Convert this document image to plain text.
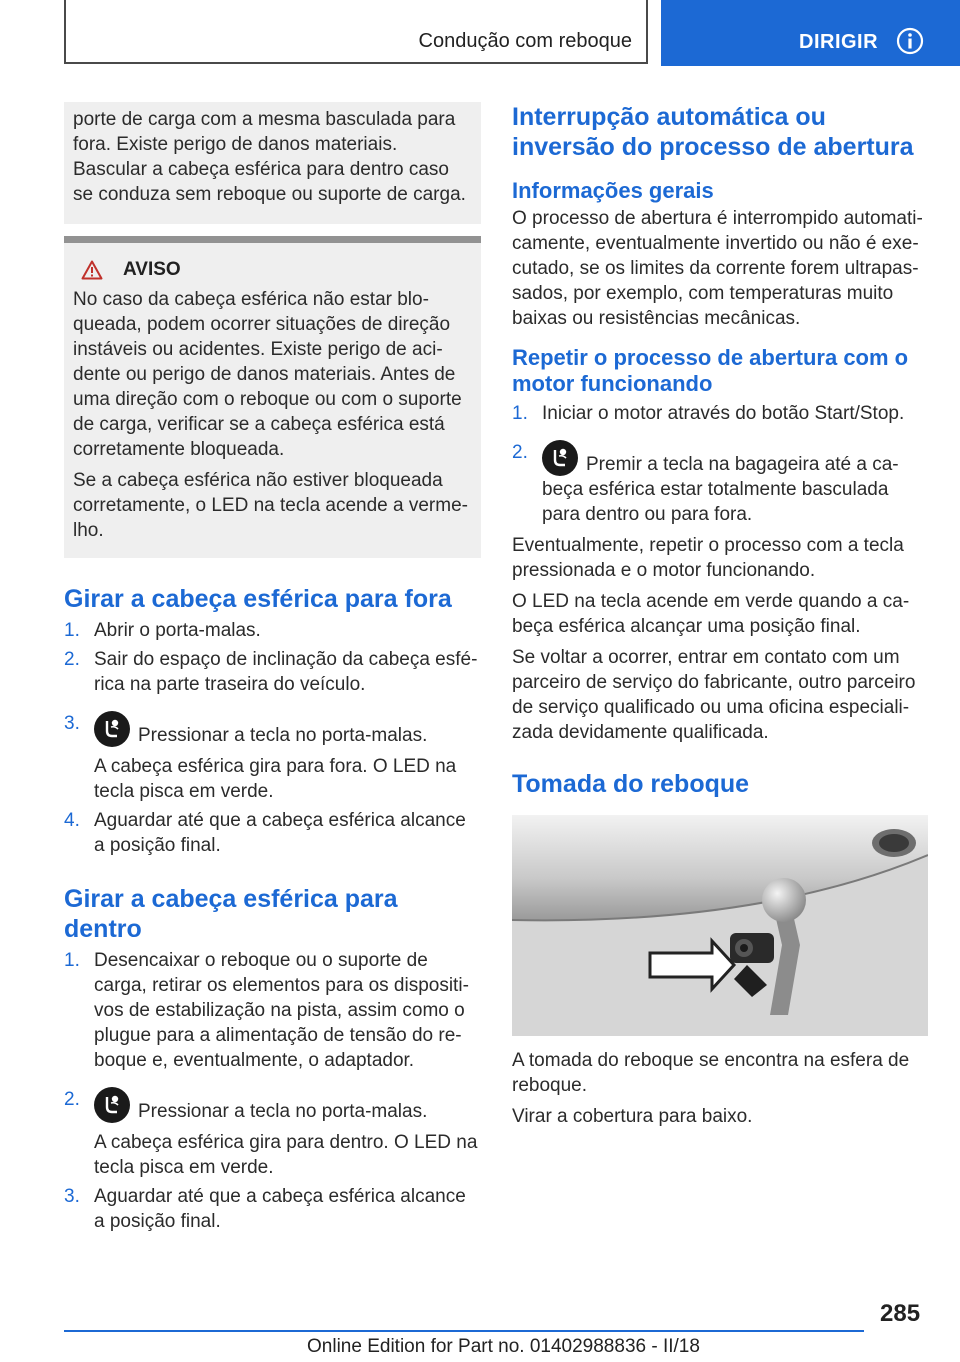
Condução com reboque	DIRIGIR

porte de carga com a mesma basculada para fora. Existe perigo de danos materiais. Bascular a cabeça esférica para dentro caso se conduza sem reboque ou suporte de carga.

AVISO

No caso da cabeça esférica não estar bloqueada, podem ocorrer situações de direção instáveis ou acidentes. Existe perigo de acidente ou perigo de danos materiais. Antes de uma direção com o reboque ou com o suporte de carga, verificar se a cabeça esférica está corretamente bloqueada.

Se a cabeça esférica não estiver bloqueada corretamente, o LED na tecla acende a vermelho.

Girar a cabeça esférica para fora
1. Abrir o porta-malas.
2. Sair do espaço de inclinação da cabeça esférica na parte traseira do veículo.
3.
Pressionar a tecla no porta-malas.
A cabeça esférica gira para fora. O LED na tecla pisca em verde.
4. Aguardar até que a cabeça esférica alcance a posição final.
Girar a cabeça esférica para dentro
1. Desencaixar o reboque ou o suporte de carga, retirar os elementos para os dispositivos de estabilização na pista, assim como o plugue para a alimentação de tensão do reboque e, eventualmente, o adaptador.
2.
Pressionar a tecla no porta-malas.
A cabeça esférica gira para dentro. O LED na tecla pisca em verde.
3. Aguardar até que a cabeça esférica alcance a posição final.
Interrupção automática ou inversão do processo de abertura
Informações gerais

O processo de abertura é interrompido automaticamente, eventualmente invertido ou não é executado, se os limites da corrente forem ultrapassados, por exemplo, com temperaturas muito baixas ou resistências mecânicas.

Repetir o processo de abertura com o motor funcionando
1. Iniciar o motor através do botão Start/Stop.
2.
Premir a tecla na bagageira até a cabeça esférica estar totalmente basculada para dentro ou para fora.

Eventualmente, repetir o processo com a tecla pressionada e o motor funcionando.

O LED na tecla acende em verde quando a cabeça esférica alcançar uma posição final.

Se voltar a ocorrer, entrar em contato com um parceiro de serviço do fabricante, outro parceiro de serviço qualificado ou uma oficina especializada devidamente qualificada.

Tomada do reboque

A tomada do reboque se encontra na esfera de reboque.

Virar a cobertura para baixo.

285
Online Edition for Part no. 01402988836 - II/18
